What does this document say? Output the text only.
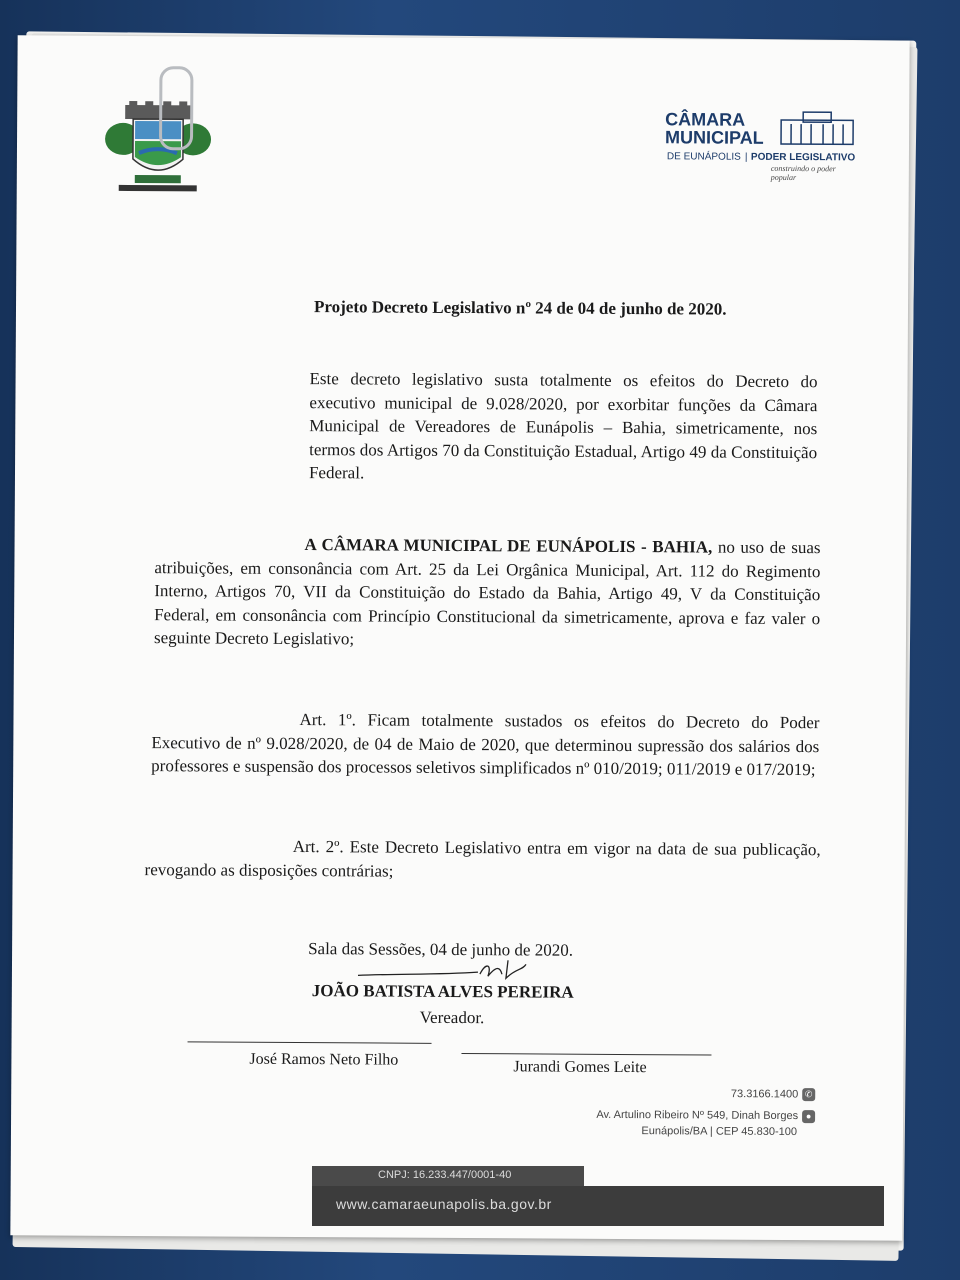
CÂMARA
MUNICIPAL
DE EUNÁPOLIS | PODER LEGISLATIVO
construindo o poder popular
Projeto Decreto Legislativo nº 24 de 04 de junho de 2020.
Este decreto legislativo susta totalmente os efeitos do Decreto do executivo municipal de 9.028/2020, por exorbitar funções da Câmara Municipal de Vereadores de Eunápolis – Bahia, simetricamente, nos termos dos Artigos 70 da Constituição Estadual, Artigo 49 da Constituição Federal.
A CÂMARA MUNICIPAL DE EUNÁPOLIS - BAHIA, no uso de suas atribuições, em consonância com Art. 25 da Lei Orgânica Municipal, Art. 112 do Regimento Interno, Artigos 70, VII da Constituição do Estado da Bahia, Artigo 49, V da Constituição Federal, em consonância com Princípio Constitucional da simetricamente, aprova e faz valer o seguinte Decreto Legislativo;
Art. 1º. Ficam totalmente sustados os efeitos do Decreto do Poder Executivo de nº 9.028/2020, de 04 de Maio de 2020, que determinou supressão dos salários dos professores e suspensão dos processos seletivos simplificados nº 010/2019; 011/2019 e 017/2019;
Art. 2º. Este Decreto Legislativo entra em vigor na data de sua publicação, revogando as disposições contrárias;
Sala das Sessões, 04 de junho de 2020.
JOÃO BATISTA ALVES PEREIRA
Vereador.
José Ramos Neto Filho	Jurandi Gomes Leite
73.3166.1400 ✆
Av. Artulino Ribeiro Nº 549, Dinah Borges ●
Eunápolis/BA | CEP 45.830-100
CNPJ: 16.233.447/0001-40
www.camaraeunapolis.ba.gov.br
